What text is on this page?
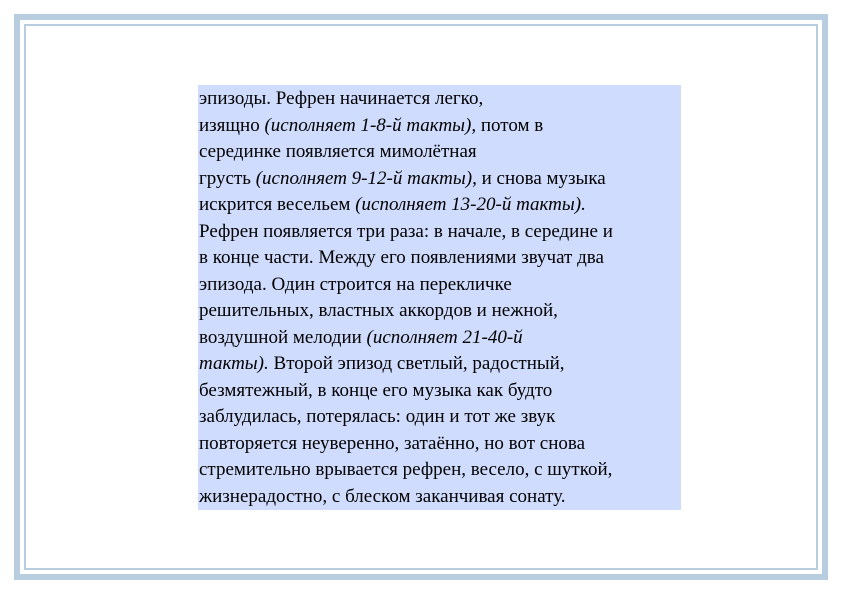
эпизоды. Рефрен начинается легко,
изящно (исполняет 1-8-й такты), потом в
серединке появляется мимолётная
грусть (исполняет 9-12-й такты), и снова музыка
искрится весельем (исполняет 13-20-й такты).
Рефрен появляется три раза: в начале, в середине и
в конце части. Между его появлениями звучат два
эпизода. Один строится на перекличке
решительных, властных аккордов и нежной,
воздушной мелодии (исполняет 21-40-й
такты). Второй эпизод светлый, радостный,
безмятежный, в конце его музыка как будто
заблудилась, потерялась: один и тот же звук
повторяется неуверенно, затаённо, но вот снова
стремительно врывается рефрен, весело, с шуткой,
жизнерадостно, с блеском заканчивая сонату.
